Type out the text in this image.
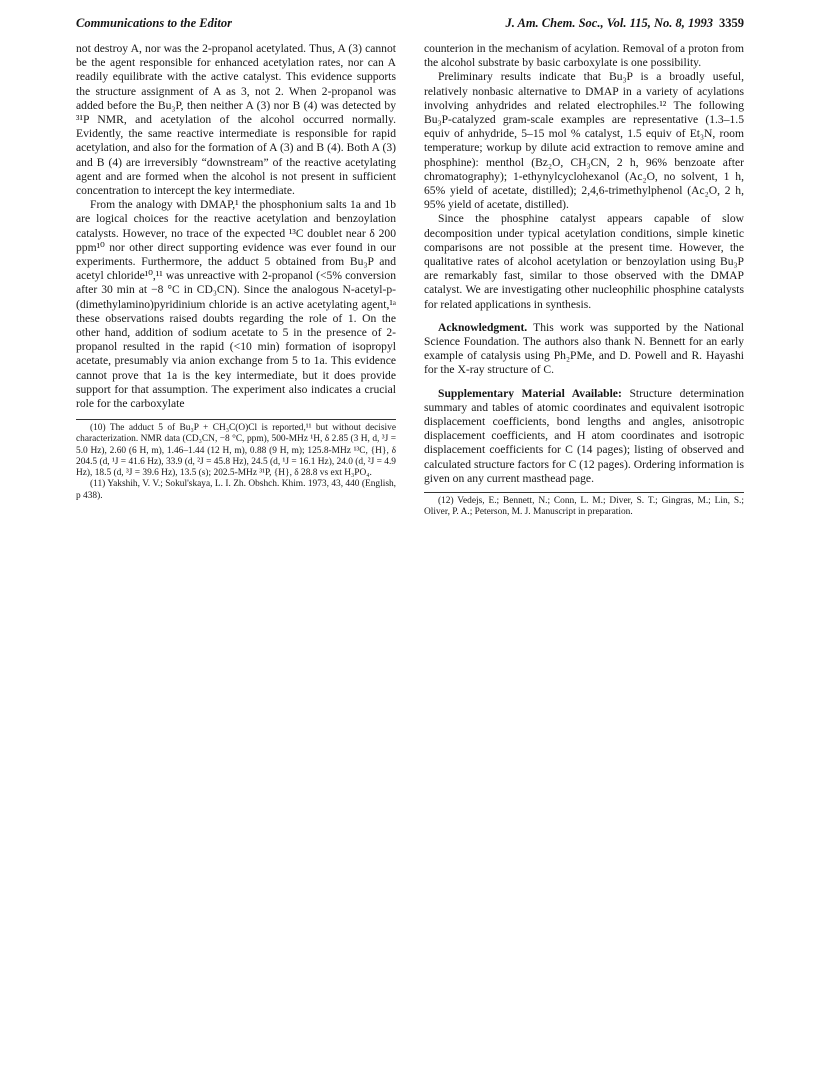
Communications to the Editor	J. Am. Chem. Soc., Vol. 115, No. 8, 1993 3359

not destroy A, nor was the 2-propanol acetylated. Thus, A (3) cannot be the agent responsible for enhanced acetylation rates, nor can A readily equilibrate with the active catalyst. This evidence supports the structure assignment of A as 3, not 2. When 2-propanol was added before the Bu₃P, then neither A (3) nor B (4) was detected by ³¹P NMR, and acetylation of the alcohol occurred normally. Evidently, the same reactive intermediate is responsible for rapid acetylation, and also for the formation of A (3) and B (4). Both A (3) and B (4) are irreversibly “downstream” of the reactive acetylating agent and are formed when the alcohol is not present in sufficient concentration to intercept the key intermediate.

From the analogy with DMAP,¹ the phosphonium salts 1a and 1b are logical choices for the reactive acetylation and benzoylation catalysts. However, no trace of the expected ¹³C doublet near δ 200 ppm¹⁰ nor other direct supporting evidence was ever found in our experiments. Furthermore, the adduct 5 obtained from Bu₃P and acetyl chloride¹⁰,¹¹ was unreactive with 2-propanol (<5% conversion after 30 min at −8 °C in CD₃CN). Since the analogous N-acetyl-p-(dimethylamino)pyridinium chloride is an active acetylating agent,¹ᵃ these observations raised doubts regarding the role of 1. On the other hand, addition of sodium acetate to 5 in the presence of 2-propanol resulted in the rapid (<10 min) formation of isopropyl acetate, presumably via anion exchange from 5 to 1a. This evidence cannot prove that 1a is the key intermediate, but it does provide support for that assumption. The experiment also indicates a crucial role for the carboxylate

(10) The adduct 5 of Bu₃P + CH₃C(O)Cl is reported,¹¹ but without decisive characterization. NMR data (CD₃CN, −8 °C, ppm), 500-MHz ¹H, δ 2.85 (3 H, d, ³J = 5.0 Hz), 2.60 (6 H, m), 1.46–1.44 (12 H, m), 0.88 (9 H, m); 125.8-MHz ¹³C, {H}, δ 204.5 (d, ¹J = 41.6 Hz), 33.9 (d, ²J = 45.8 Hz), 24.5 (d, ¹J = 16.1 Hz), 24.0 (d, ²J = 4.9 Hz), 18.5 (d, ³J = 39.6 Hz), 13.5 (s); 202.5-MHz ³¹P, {H}, δ 28.8 vs ext H₃PO₄.

(11) Yakshih, V. V.; Sokul'skaya, L. I. Zh. Obshch. Khim. 1973, 43, 440 (English, p 438).

counterion in the mechanism of acylation. Removal of a proton from the alcohol substrate by basic carboxylate is one possibility.

Preliminary results indicate that Bu₃P is a broadly useful, relatively nonbasic alternative to DMAP in a variety of acylations involving anhydrides and related electrophiles.¹² The following Bu₃P-catalyzed gram-scale examples are representative (1.3–1.5 equiv of anhydride, 5–15 mol % catalyst, 1.5 equiv of Et₃N, room temperature; workup by dilute acid extraction to remove amine and phosphine): menthol (Bz₂O, CH₃CN, 2 h, 96% benzoate after chromatography); 1-ethynylcyclohexanol (Ac₂O, no solvent, 1 h, 65% yield of acetate, distilled); 2,4,6-trimethylphenol (Ac₂O, 2 h, 95% yield of acetate, distilled).

Since the phosphine catalyst appears capable of slow decomposition under typical acetylation conditions, simple kinetic comparisons are not possible at the present time. However, the qualitative rates of alcohol acetylation or benzoylation using Bu₃P are remarkably fast, similar to those observed with the DMAP catalyst. We are investigating other nucleophilic phosphine catalysts for related applications in synthesis.

Acknowledgment. This work was supported by the National Science Foundation. The authors also thank N. Bennett for an early example of catalysis using Ph₂PMe, and D. Powell and R. Hayashi for the X-ray structure of C.

Supplementary Material Available: Structure determination summary and tables of atomic coordinates and equivalent isotropic displacement coefficients, bond lengths and angles, anisotropic displacement coefficients, and H atom coordinates and isotropic displacement coefficients for C (14 pages); listing of observed and calculated structure factors for C (12 pages). Ordering information is given on any current masthead page.

(12) Vedejs, E.; Bennett, N.; Conn, L. M.; Diver, S. T.; Gingras, M.; Lin, S.; Oliver, P. A.; Peterson, M. J. Manuscript in preparation.
